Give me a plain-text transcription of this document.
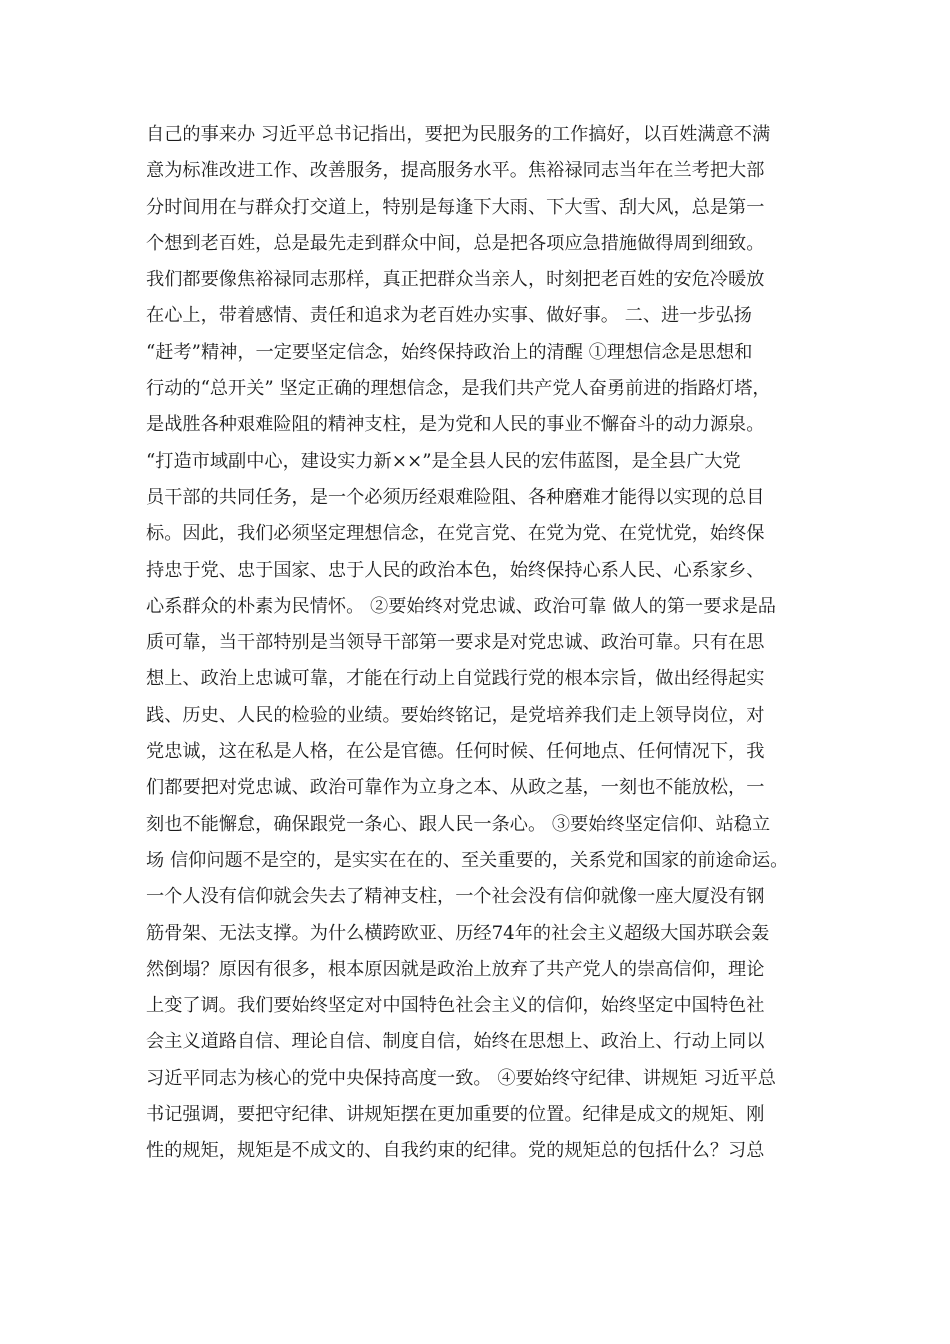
自己的事来办 习近平总书记指出，要把为民服务的工作搞好，以百姓满意不满
意为标准改进工作、改善服务，提高服务水平。焦裕禄同志当年在兰考把大部
分时间用在与群众打交道上，特别是每逢下大雨、下大雪、刮大风，总是第一
个想到老百姓，总是最先走到群众中间，总是把各项应急措施做得周到细致。
我们都要像焦裕禄同志那样，真正把群众当亲人，时刻把老百姓的安危冷暖放
在心上，带着感情、责任和追求为老百姓办实事、做好事。 二、进一步弘扬
“赶考”精神，一定要坚定信念，始终保持政治上的清醒 ①理想信念是思想和
行动的“总开关” 坚定正确的理想信念，是我们共产党人奋勇前进的指路灯塔，
是战胜各种艰难险阻的精神支柱，是为党和人民的事业不懈奋斗的动力源泉。
“打造市域副中心，建设实力新××”是全县人民的宏伟蓝图，是全县广大党
员干部的共同任务，是一个必须历经艰难险阻、各种磨难才能得以实现的总目
标。因此，我们必须坚定理想信念，在党言党、在党为党、在党忧党，始终保
持忠于党、忠于国家、忠于人民的政治本色，始终保持心系人民、心系家乡、
心系群众的朴素为民情怀。 ②要始终对党忠诚、政治可靠 做人的第一要求是品
质可靠，当干部特别是当领导干部第一要求是对党忠诚、政治可靠。只有在思
想上、政治上忠诚可靠，才能在行动上自觉践行党的根本宗旨，做出经得起实
践、历史、人民的检验的业绩。要始终铭记，是党培养我们走上领导岗位，对
党忠诚，这在私是人格，在公是官德。任何时候、任何地点、任何情况下，我
们都要把对党忠诚、政治可靠作为立身之本、从政之基，一刻也不能放松，一
刻也不能懈怠，确保跟党一条心、跟人民一条心。 ③要始终坚定信仰、站稳立
场 信仰问题不是空的，是实实在在的、至关重要的，关系党和国家的前途命运。
一个人没有信仰就会失去了精神支柱，一个社会没有信仰就像一座大厦没有钢
筋骨架、无法支撑。为什么横跨欧亚、历经74年的社会主义超级大国苏联会轰
然倒塌？原因有很多，根本原因就是政治上放弃了共产党人的崇高信仰，理论
上变了调。我们要始终坚定对中国特色社会主义的信仰，始终坚定中国特色社
会主义道路自信、理论自信、制度自信，始终在思想上、政治上、行动上同以
习近平同志为核心的党中央保持高度一致。 ④要始终守纪律、讲规矩 习近平总
书记强调，要把守纪律、讲规矩摆在更加重要的位置。纪律是成文的规矩、刚
性的规矩，规矩是不成文的、自我约束的纪律。党的规矩总的包括什么？习总
